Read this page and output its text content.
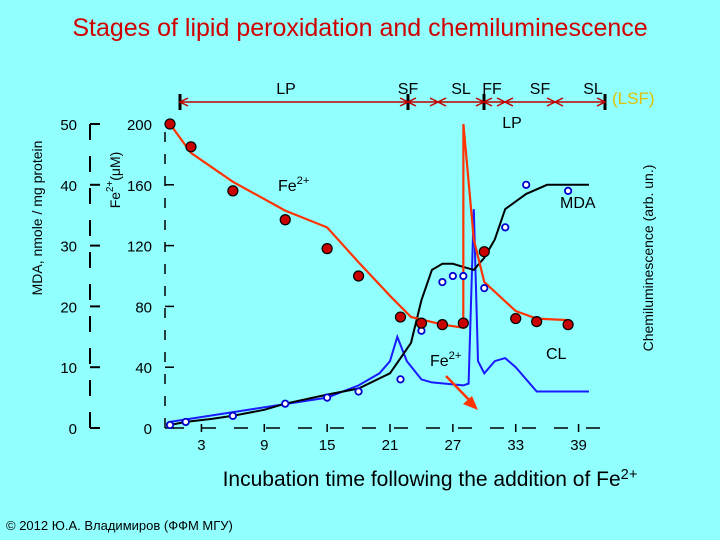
Stages of lipid peroxidation and chemiluminescence
0
10
20
30
40
50
MDA, nmole / mg protein
0
40
80
120
160
200
$Fe^{2+}(\mu M)$	Chemiluminescence (arb. un.)
3	9	15	21	27	33	39
Incubation time following the addition of $Fe^{2+}$
LP	SF SL FF SF SL (LSF)
LP
$Fe^{2+}$
MDA
CL
$Fe^{2+}$
© 2012 Ю.А. Владимиров (ФФМ МГУ)
